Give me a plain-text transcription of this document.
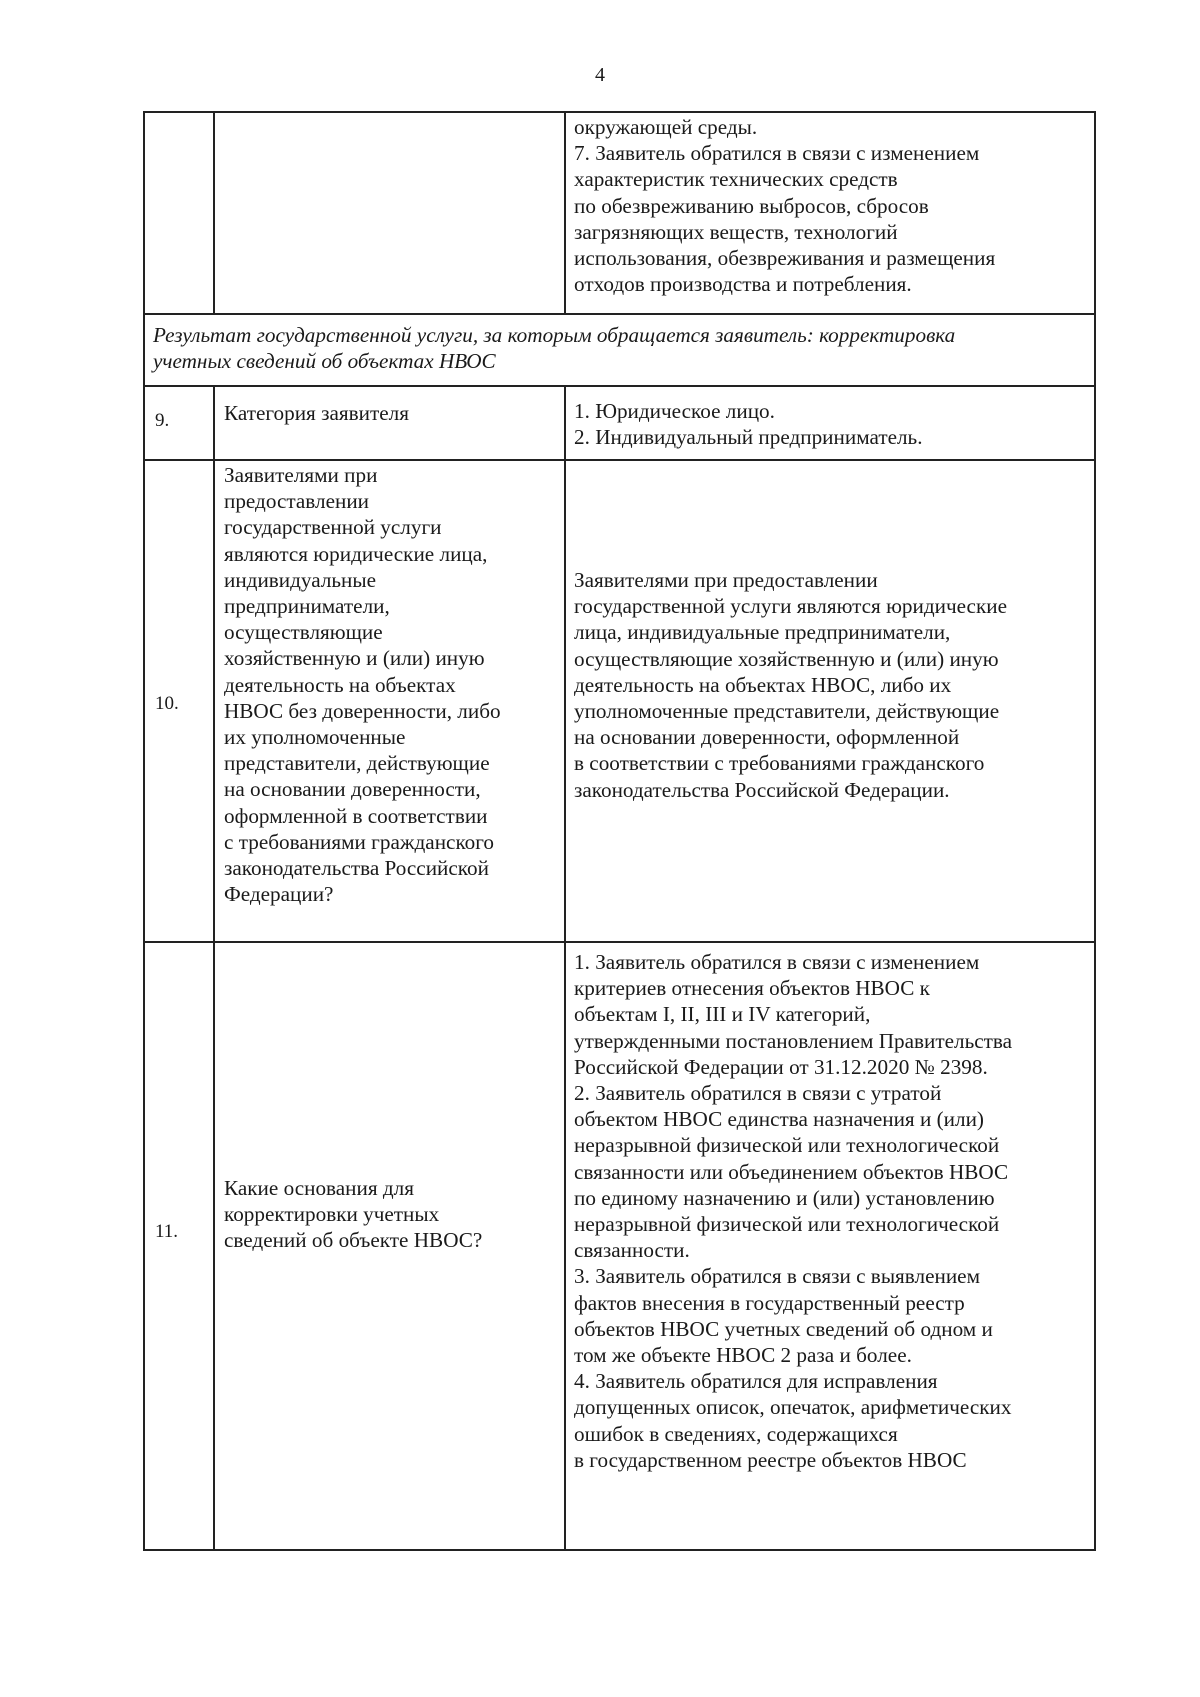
4
окружающей среды.
7. Заявитель обратился в связи с изменением
характеристик технических средств
по обезвреживанию выбросов, сбросов
загрязняющих веществ, технологий
использования, обезвреживания и размещения
отходов производства и потребления.
Результат государственной услуги, за которым обращается заявитель: корректировка
учетных сведений об объектах НВОС
9.	Категория заявителя	1. Юридическое лицо.
2. Индивидуальный предприниматель.
10.
Заявителями при
предоставлении
государственной услуги
являются юридические лица,
индивидуальные
предприниматели,
осуществляющие
хозяйственную и (или) иную
деятельность на объектах
НВОС без доверенности, либо
их уполномоченные
представители, действующие
на основании доверенности,
оформленной в соответствии
с требованиями гражданского
законодательства Российской
Федерации?
Заявителями при предоставлении
государственной услуги являются юридические
лица, индивидуальные предприниматели,
осуществляющие хозяйственную и (или) иную
деятельность на объектах НВОС, либо их
уполномоченные представители, действующие
на основании доверенности, оформленной
в соответствии с требованиями гражданского
законодательства Российской Федерации.
11.
Какие основания для
корректировки учетных
сведений об объекте НВОС?
1. Заявитель обратился в связи с изменением
критериев отнесения объектов НВОС к
объектам I, II, III и IV категорий,
утвержденными постановлением Правительства
Российской Федерации от 31.12.2020 № 2398.
2. Заявитель обратился в связи с утратой
объектом НВОС единства назначения и (или)
неразрывной физической или технологической
связанности или объединением объектов НВОС
по единому назначению и (или) установлению
неразрывной физической или технологической
связанности.
3. Заявитель обратился в связи с выявлением
фактов внесения в государственный реестр
объектов НВОС учетных сведений об одном и
том же объекте НВОС 2 раза и более.
4. Заявитель обратился для исправления
допущенных описок, опечаток, арифметических
ошибок в сведениях, содержащихся
в государственном реестре объектов НВОС
